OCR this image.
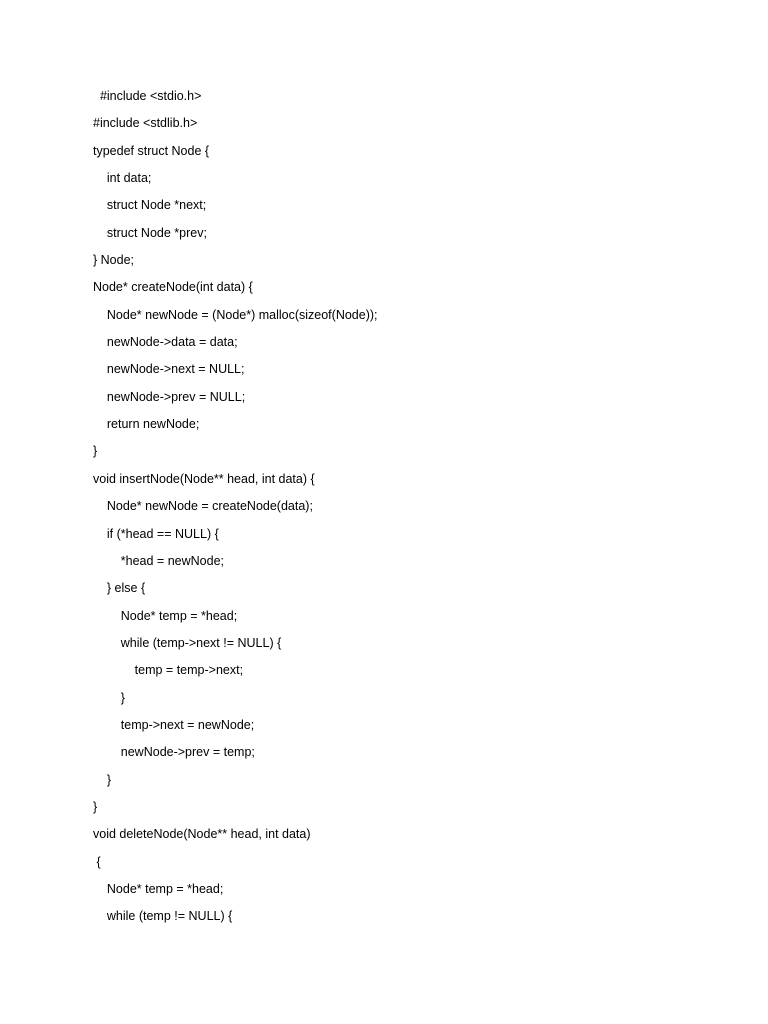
#include <stdio.h>
#include <stdlib.h>
typedef struct Node {
int data;
struct Node *next;
struct Node *prev;
} Node;
Node* createNode(int data) {
Node* newNode = (Node*) malloc(sizeof(Node));
newNode->data = data;
newNode->next = NULL;
newNode->prev = NULL;
return newNode;
}
void insertNode(Node** head, int data) {
Node* newNode = createNode(data);
if (*head == NULL) {
*head = newNode;
} else {
Node* temp = *head;
while (temp->next != NULL) {
temp = temp->next;
}
temp->next = newNode;
newNode->prev = temp;
}
}
void deleteNode(Node** head, int data)
{
Node* temp = *head;
while (temp != NULL) {
